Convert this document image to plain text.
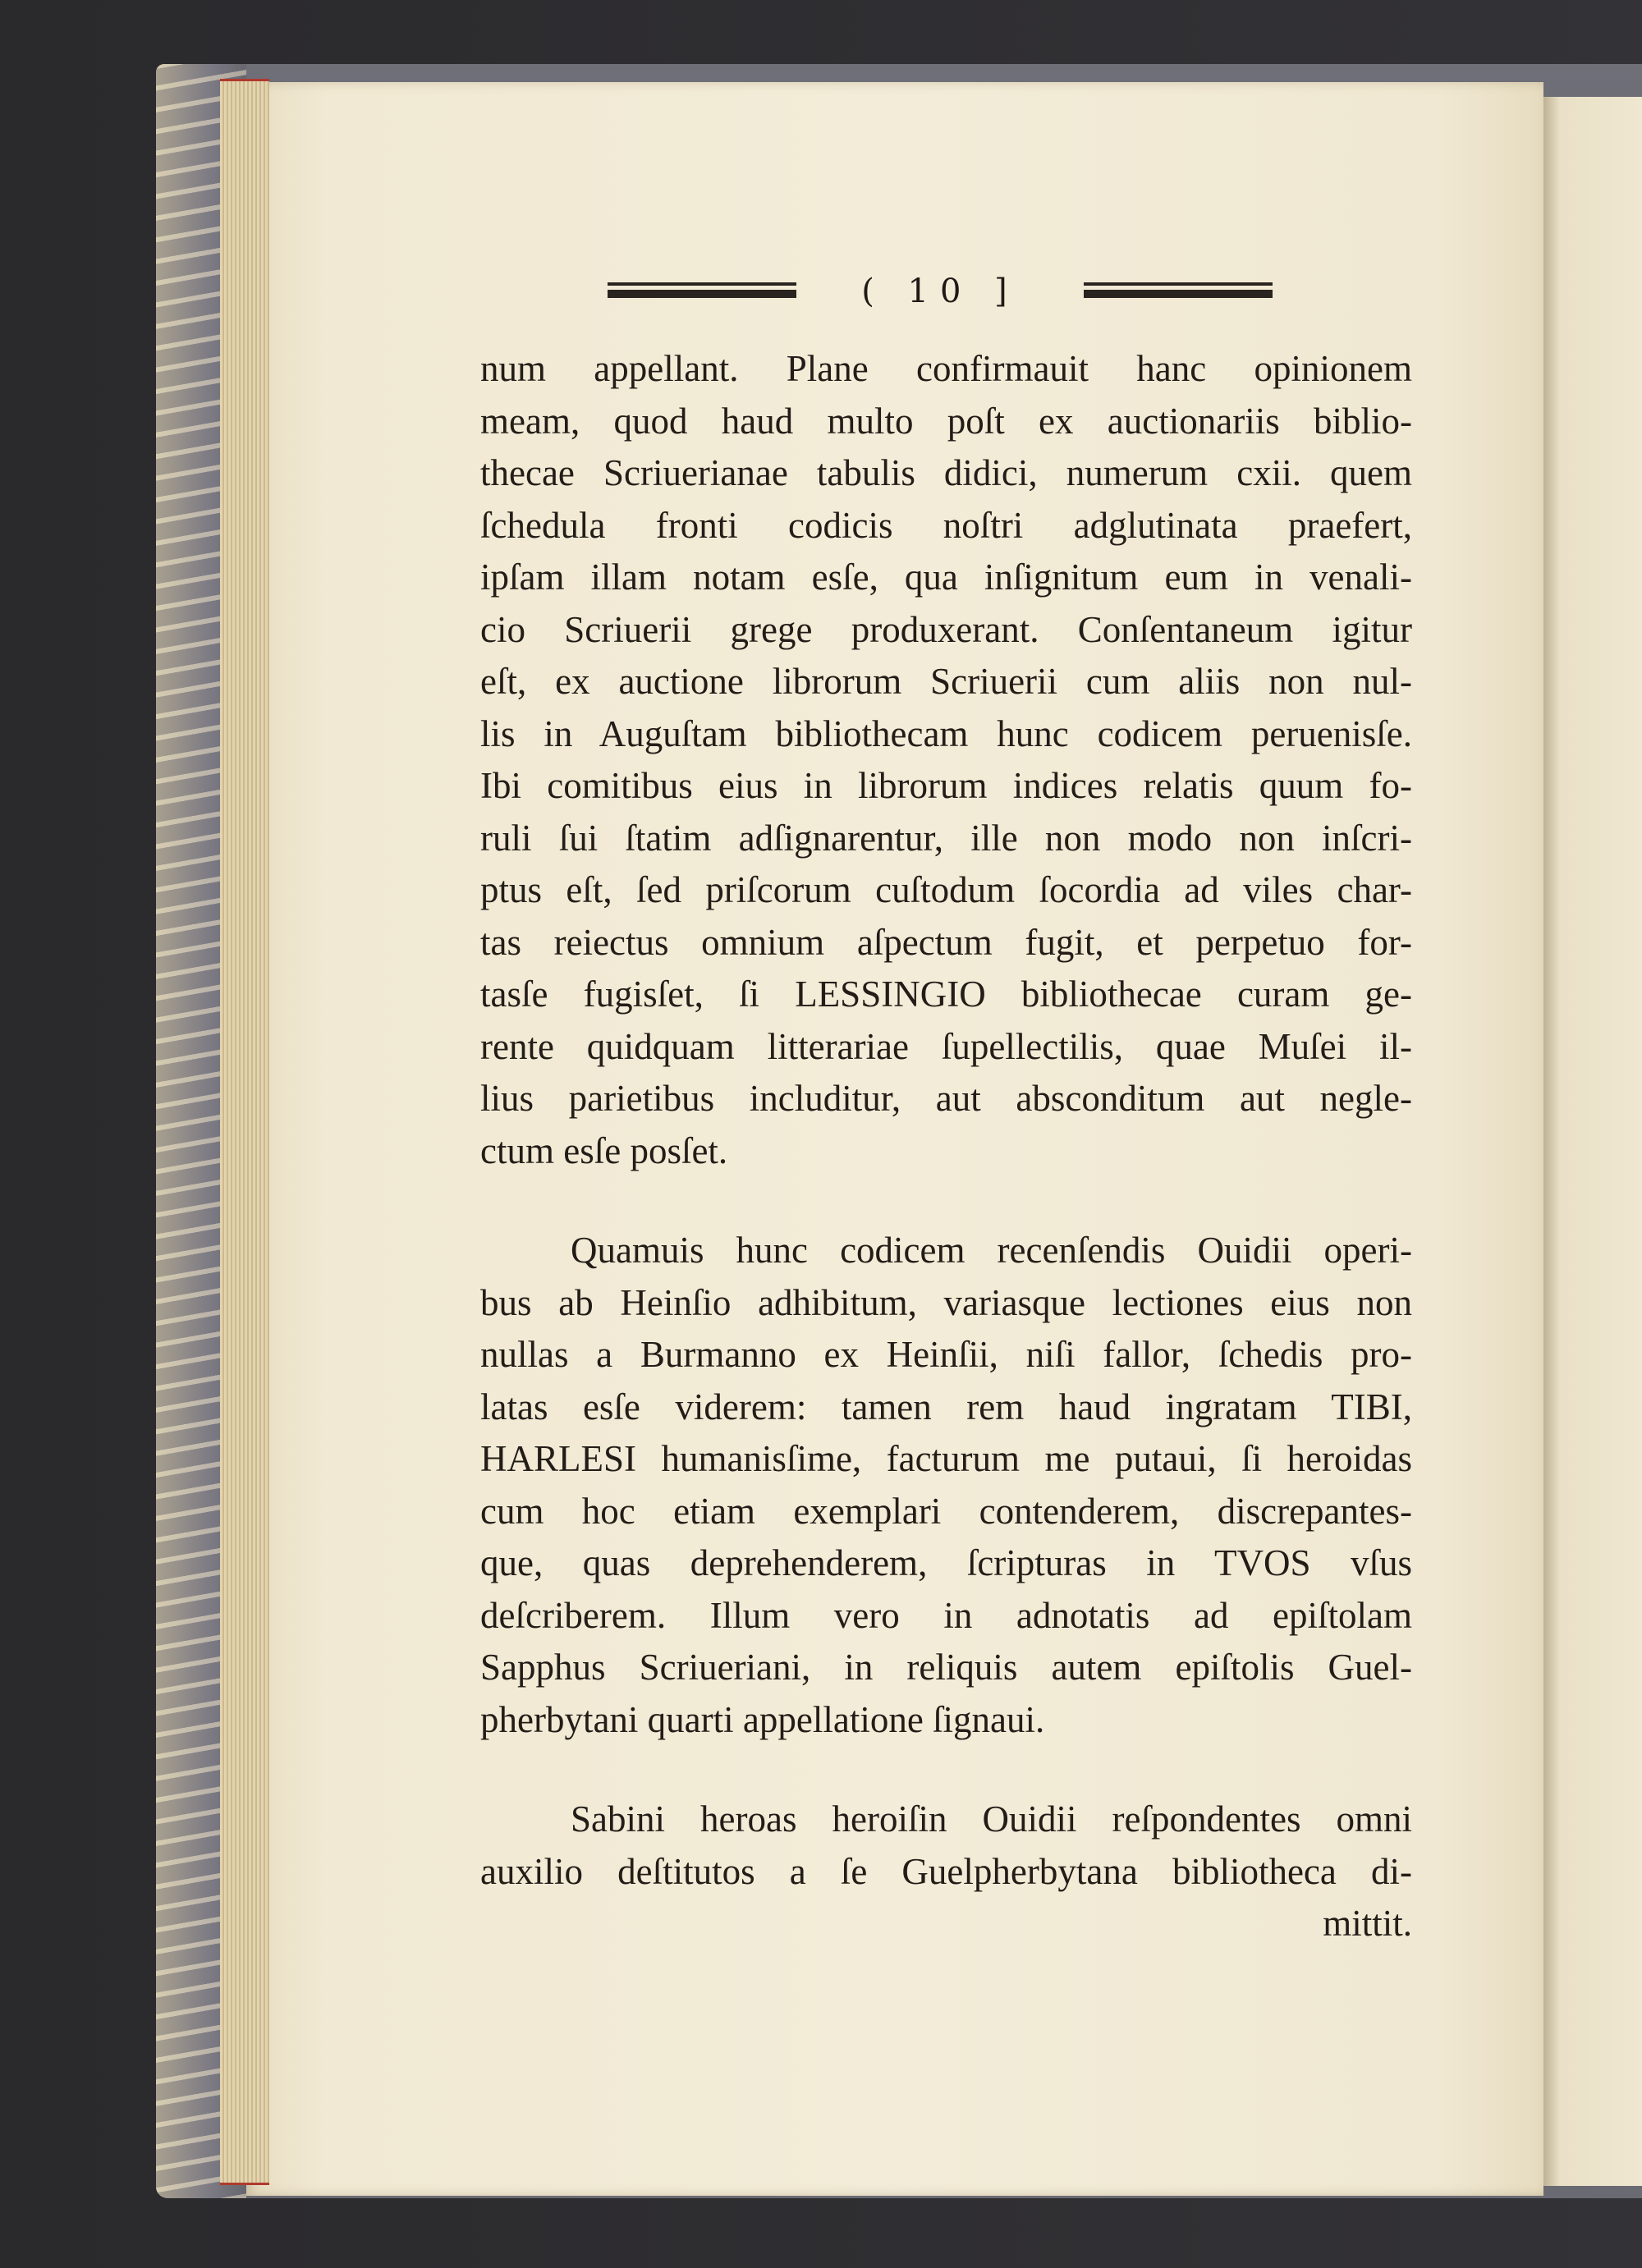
( 10 ]
num appellant. Plane confirmauit hanc opinionem
meam, quod haud multo poſt ex auctionariis biblio-
thecae Scriuerianae tabulis didici, numerum cxii. quem
ſchedula fronti codicis noſtri adglutinata praefert,
ipſam illam notam esſe, qua inſignitum eum in venali-
cio Scriuerii grege produxerant. Conſentaneum igitur
eſt, ex auctione librorum Scriuerii cum aliis non nul-
lis in Auguſtam bibliothecam hunc codicem peruenisſe.
Ibi comitibus eius in librorum indices relatis quum fo-
ruli ſui ſtatim adſignarentur, ille non modo non inſcri-
ptus eſt, ſed priſcorum cuſtodum ſocordia ad viles char-
tas reiectus omnium aſpectum fugit, et perpetuo for-
tasſe fugisſet, ſi LESSINGIO bibliothecae curam ge-
rente quidquam litterariae ſupellectilis, quae Muſei il-
lius parietibus includitur, aut absconditum aut negle-
ctum esſe posſet.
Quamuis hunc codicem recenſendis Ouidii operi-
bus ab Heinſio adhibitum, variasque lectiones eius non
nullas a Burmanno ex Heinſii, niſi fallor, ſchedis pro-
latas esſe viderem: tamen rem haud ingratam TIBI,
HARLESI humanisſime, facturum me putaui, ſi heroidas
cum hoc etiam exemplari contenderem, discrepantes-
que, quas deprehenderem, ſcripturas in TVOS vſus
deſcriberem. Illum vero in adnotatis ad epiſtolam
Sapphus Scriueriani, in reliquis autem epiſtolis Guel-
pherbytani quarti appellatione ſignaui.
Sabini heroas heroiſin Ouidii reſpondentes omni
auxilio deſtitutos a ſe Guelpherbytana bibliotheca di-
mittit.
